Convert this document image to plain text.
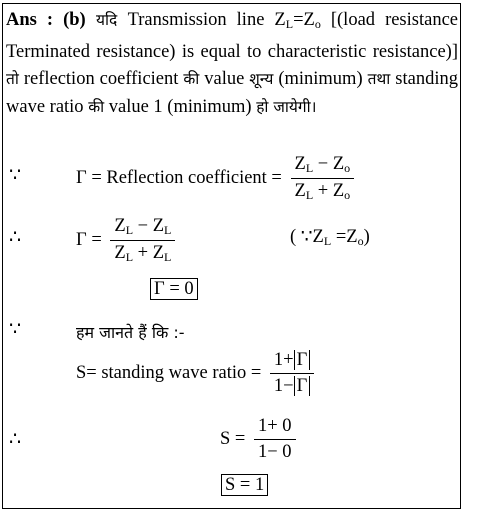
Ans : (b) यदि Transmission line $Z_L=Z_o$ [(load resistance Terminated resistance) is equal to characteristic resistance)] तो reflection coefficient की value शून्य (minimum) तथा standing wave ratio की value 1 (minimum) हो जायेगी।
∵	Γ = Reflection coefficient = $\frac{Z_L - Z_o}{Z_L + Z_o}$
∴	$\Gamma = \frac{Z_L - Z_L}{Z_L + Z_L}$	( $\because Z_L =Z_o$)
Γ = 0
∵	हम जानते हैं कि :-
S= standing wave ratio = $\frac{1+ \Gamma}{1- \Gamma}$
∴	$S = \frac{1+ 0}{1- 0}$
S = 1
